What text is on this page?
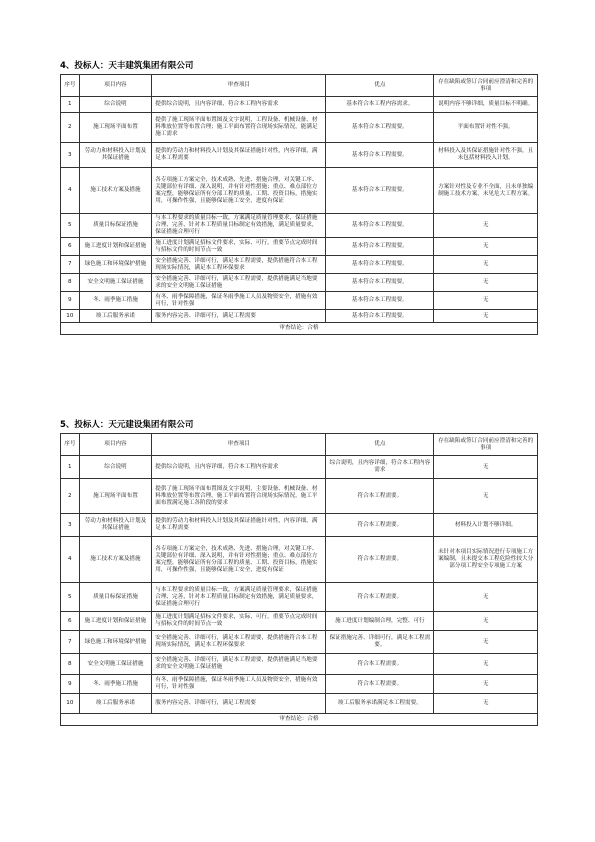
4、投标人：天丰建筑集团有限公司
序号	项目内容	审查项目	优点	存在缺陷或签订合同前应澄清和完善的事项
1	综合说明	提供综合说明，且内容详细，符合本工程内容需求	基本符合本工程内容需求。	说明内容不够详细，质量目标不明确。
2	施工现场平面布置	提供了施工现场平面布置图及文字说明，工程设备、机械设备、材料堆放位置等布置合理；施工平面布置符合现场实际情况，能满足施工需求	基本符合本工程需要。	平面布置针对性不强。
3	劳动力和材料投入计划及其保证措施	提供的劳动力和材料投入计划及其保证措施针对性，内容详细，满足本工程需要	基本符合本工程需要。	材料投入及其保证措施针对性不强，且未包括材料投入计划。
4	施工技术方案及措施	各专项施工方案完全，技术成熟、先进、措施合理，对关键工序、关键部位有详细、深入说明，并有针对性措施；重点、难点部位方案完整，能够保证所有分部工程的质量、工期、投资目标，措施实用，可操作性强，且能够保证施工安全，进度有保证	基本符合本工程需要。	方案针对性及专业不全面，且未单独编制施工技术方案，未见危大工程方案。
5	质量目标保证措施	与本工程要求的质量目标一致，方案满足质量管理要求，保证措施合理、完善，针对本工程质量目标制定有效措施，满足质量要求，保证措施合理可行	基本符合本工程需要。	无
6	施工进度计划和保证措施	施工进度计划满足招标文件要求，实际、可行，重要节点完成时间与招标文件的时间节点一致	基本符合本工程需要。	无
7	绿色施工和环境保护措施	安全措施完善、详细可行，满足本工程需要，提供措施符合本工程现场实际情况，满足本工程环保要求	基本符合本工程需要。	无
8	安全文明施工保证措施	安全措施完善、详细可行，满足本工程需要，提供措施满足当地要求的安全文明施工保证措施	基本符合本工程需要。	无
9	冬、雨季施工措施	有冬、雨季保障措施，保证冬雨季施工人员及物资安全，措施有效可行，针对性强	基本符合本工程需要。	无
10	竣工后服务承诺	服务内容完善、详细可行，满足工程需要	基本符合本工程需要。	无
审查结论：合格				
5、投标人：天元建设集团有限公司
序号	项目内容	审查项目	优点	存在缺陷或签订合同前应澄清和完善的事项
1	综合说明	提供综合说明，且内容详细，符合本工程内容需求	综合说明，且内容详细，符合本工程内容需求	无
2	施工现场平面布置	提供了施工现场平面布置图及文字说明，主要设备、机械设备、材料堆放位置等布置合理，施工平面布置符合现场实际情况，施工平面布置满足施工各阶段的要求	符合本工程需要。	无
3	劳动力和材料投入计划及其保证措施	提供的劳动力和材料投入计划及其保证措施针对性，内容详细，满足本工程需要	符合本工程需要。	材料投入计划不够详细。
4	施工技术方案及措施	各专项施工方案完全，技术成熟、先进、措施合理，对关键工序、关键部位有详细、深入说明，并有针对性措施；重点、难点部位方案完整，能够保证所有分部工程的质量、工期、投资目标，措施实用，可操作性强，且能够保证施工安全，进度有保证	符合本工程需要。	未针对本项目实际情况进行专项施工方案编制，且未提交本工程危险性较大分部分项工程安全专项施工方案
5	质量目标保证措施	与本工程要求的质量目标一致，方案满足质量管理要求，保证措施合理、完善，针对本工程质量目标制定有效措施，满足质量要求，保证措施合理可行	符合本工程需要。	无
6	施工进度计划和保证措施	施工进度计划满足招标文件要求，实际、可行，重要节点完成时间与招标文件的时间节点一致	施工进度计划编制合理，完整、可行	无
7	绿色施工和环境保护措施	安全措施完善、详细可行，满足本工程需要，提供措施符合本工程现场实际情况，满足本工程环保要求	保证措施完善、详细可行，满足本工程需要。	无
8	安全文明施工保证措施	安全措施完善、详细可行，满足本工程需要，提供措施满足当地要求的安全文明施工保证措施	符合本工程需要。	无
9	冬、雨季施工措施	有冬、雨季保障措施，保证冬雨季施工人员及物资安全，措施有效可行，针对性强	符合本工程需要。	无
10	竣工后服务承诺	服务内容完善、详细可行，满足工程需要	竣工后服务承诺满足本工程需要。	无
审查结论：合格				
